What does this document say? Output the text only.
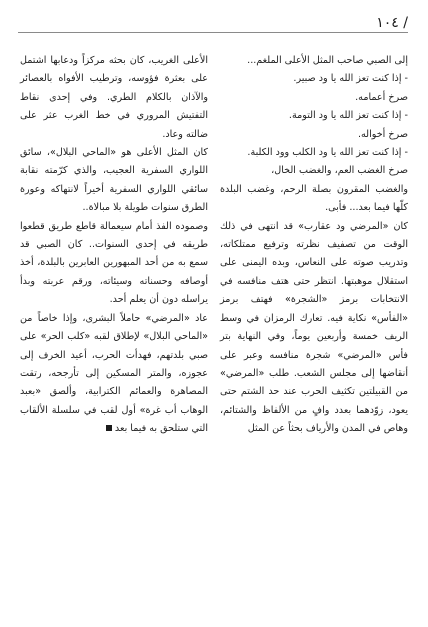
/ ١٠٤

إلى الصبي صاحب المثل الأعلى الملغم...

- إذا كنت تعز الله يا ود صبير.

صرخ أعمامه.

- إذا كنت تعز الله يا ود التومة.

صرخ أخواله.

- إذا كنت تعز الله يا ود الكلب وود الكلبة.

صرخ الغضب العم، والغضب الخال،

والغضب المقرون بصلة الرحم، وغضب البلدة كلّها فيما بعد... فأبى.

كان «المرضي ود عقارب» قد انتهى في ذلك الوقت من تصفيف نظرته وترفيع ممتلكاته، وتدريب صوته على النعاس، وبده اليمنى على استقلال موهبتها. انتظر حتى هتف منافسه في الانتخابات برمز «الشجرة» فهتف برمز «الفأس» نكاية فيه. تعارك الرمزان في وسط الريف خمسة وأربعين يوماً، وفي النهاية بتر فأس «المرضي» شجرة منافسه وعبر على أنقاضها إلى مجلس الشعب. طلب «المرضي» من القبيلتين تكثيف الحرب عند حد الشتم حتى يعود، زوّدهما بعدد وافٍ من الألفاظ والشتائم، وهاص في المدن والأرياف بحثاً عن المثل

الأعلى الغريب، كان بحثه مركزاً ودعابها اشتمل على بعثرة فؤوسه، وترطيب الأفواه بالعصائر والآذان بالكلام الطري. وفي إحدى نقاط التفتيش المروري في خط الغرب عثر على ضالته وعاد.

كان المثل الأعلى هو «الماحي البلال»، سائق اللواري السفرية العجيب، والذي كرّمته نقابة سائقي اللواري السفرية أخيراً لانتهاكه وعورة الطرق سنوات طويلة بلا مبالاة..

وصموده الفذ أمام سيعمالة قاطع طريق قطعوا طريقه في إحدى السنوات.. كان الصبي قد سمع به من أحد المبهورين العابرين بالبلدة، أخذ أوصافه وحسناته وسيئاته، ورقم عربته وبدأ يراسله دون أن يعلم أحد.

عاد «المرضي» حاملاً البشرى، وإذا خاصاً من «الماحي البلال» لإطلاق لقبه «كلب الحر» على صبي بلدتهم، فهدأت الحرب، أعيد الخرف إلى عجوزه، والمتر المسكين إلى تأرجحه، رتقت المصاهرة والعمائم الكترابية، وألصق «بعبد الوهاب أب غرة» أول لقب في سلسلة الألقاب التي ستلحق به فيما بعد
